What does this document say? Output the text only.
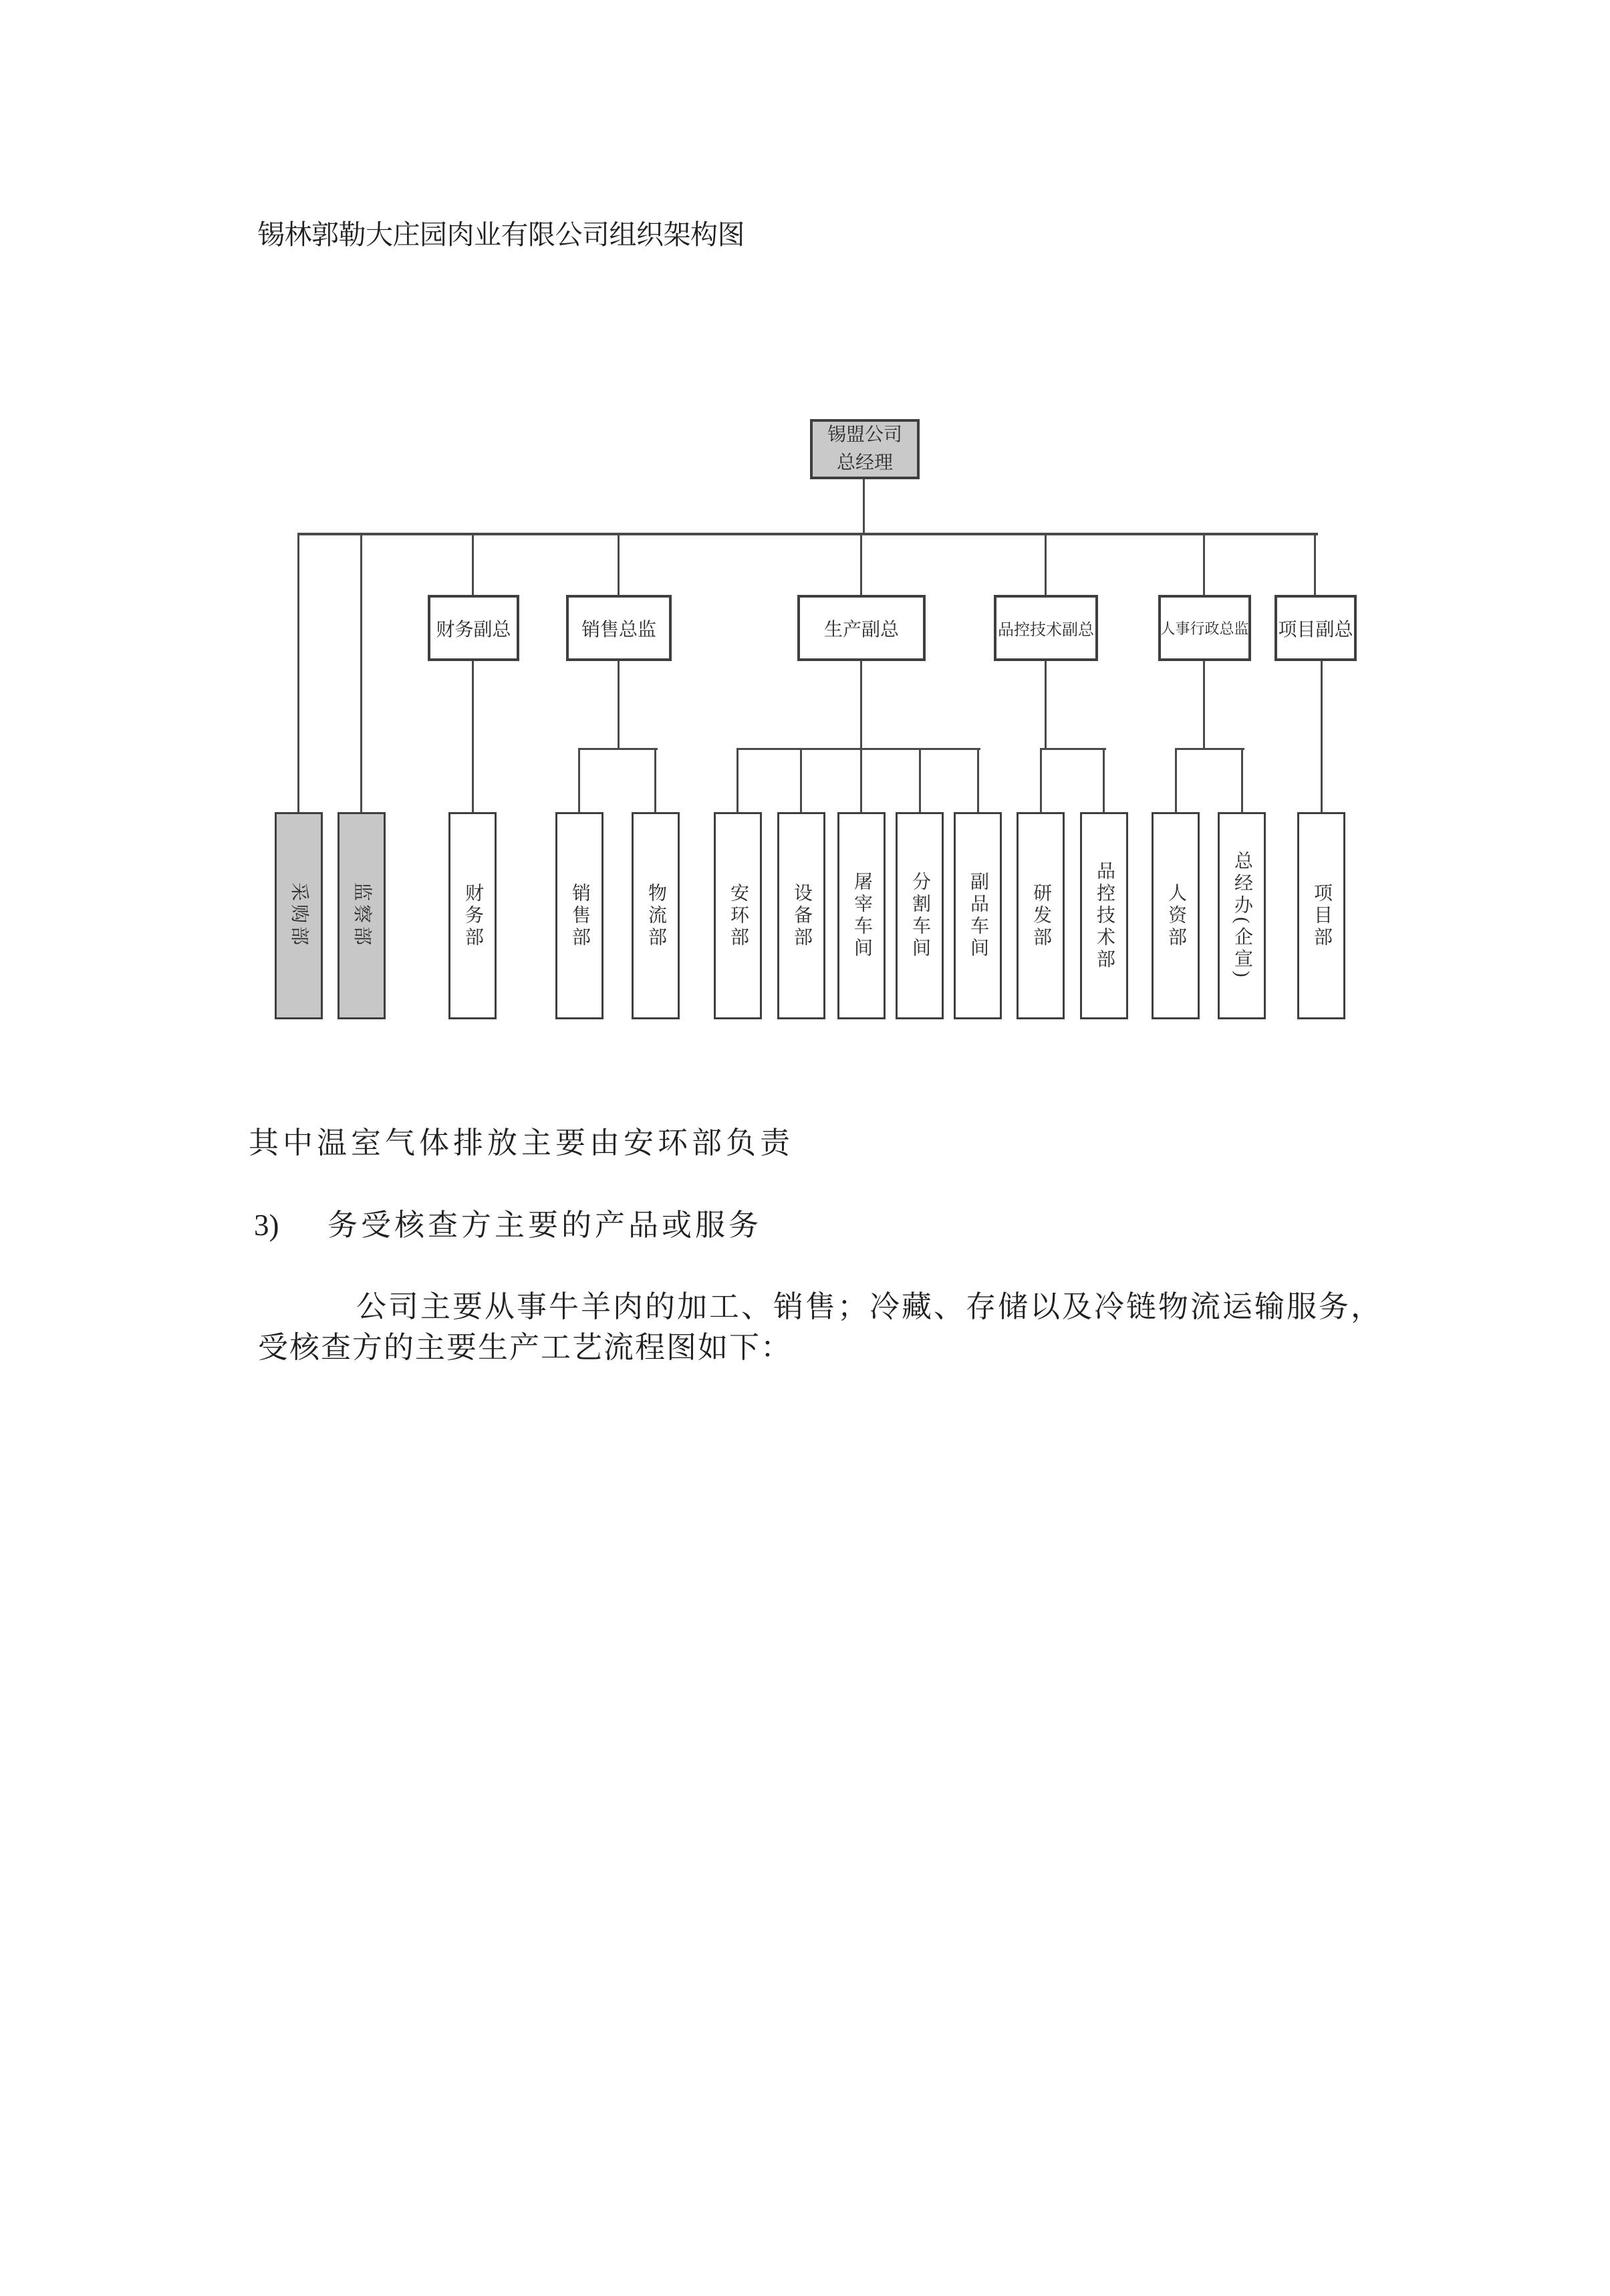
锡林郭勒大庄园肉业有限公司组织架构图
锡盟公司
总经理
财务副总	销售总监	生产副总	品控技术副总	人事行政总监 项目副总
采购部 监察部	财务部	销售部	物流部	安环部 设备部 屠宰车间 分割车间 副品车间 研发部 品控技术部	人资部 总经办(企宣)	项目部
其中温室气体排放主要由安环部负责
3) 务受核查方主要的产品或服务
公司主要从事牛羊肉的加工、销售；冷藏、存储以及冷链物流运输服务，
受核查方的主要生产工艺流程图如下：
